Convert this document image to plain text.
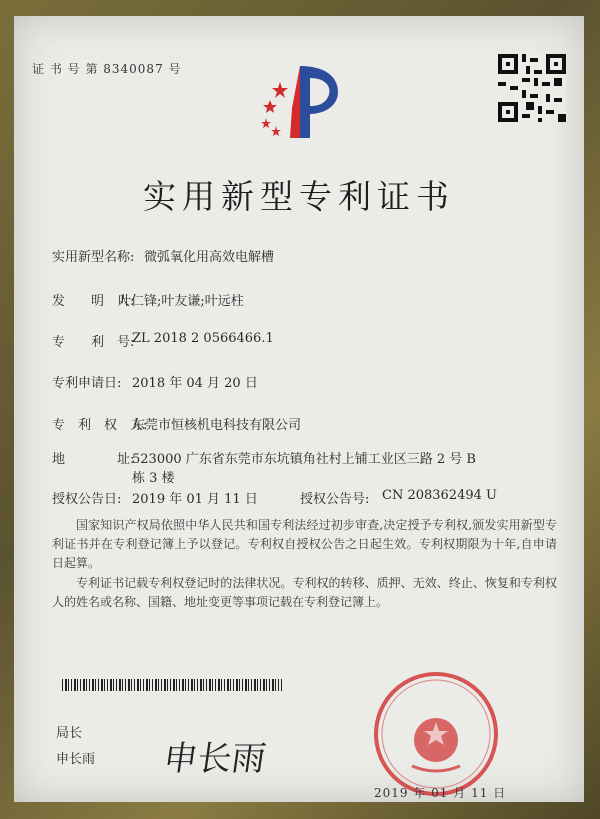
证 书 号 第 8340087 号
实用新型专利证书
实用新型名称: 微弧氧化用高效电解槽
发　　明　人:
叶仁锋;叶友谦;叶远柱
专　　利　号:
ZL 2018 2 0566466.1
专利申请日: 2018 年 04 月 20 日
专　利　权　人:
东莞市恒核机电科技有限公司
地　　　　址:
523000 广东省东莞市东坑镇角社村上铺工业区三路 2 号 B
栋 3 楼
授权公告日: 2019 年 01 月 11 日	授权公告号: CN 208362494 U
国家知识产权局依照中华人民共和国专利法经过初步审查,决定授予专利权,颁发实用新型专利证书并在专利登记簿上予以登记。专利权自授权公告之日起生效。专利权期限为十年,自申请日起算。
专利证书记载专利权登记时的法律状况。专利权的转移、质押、无效、终止、恢复和专利权人的姓名或名称、国籍、地址变更等事项记载在专利登记簿上。
局长
申长雨 申长雨
2019 年 01 月 11 日
